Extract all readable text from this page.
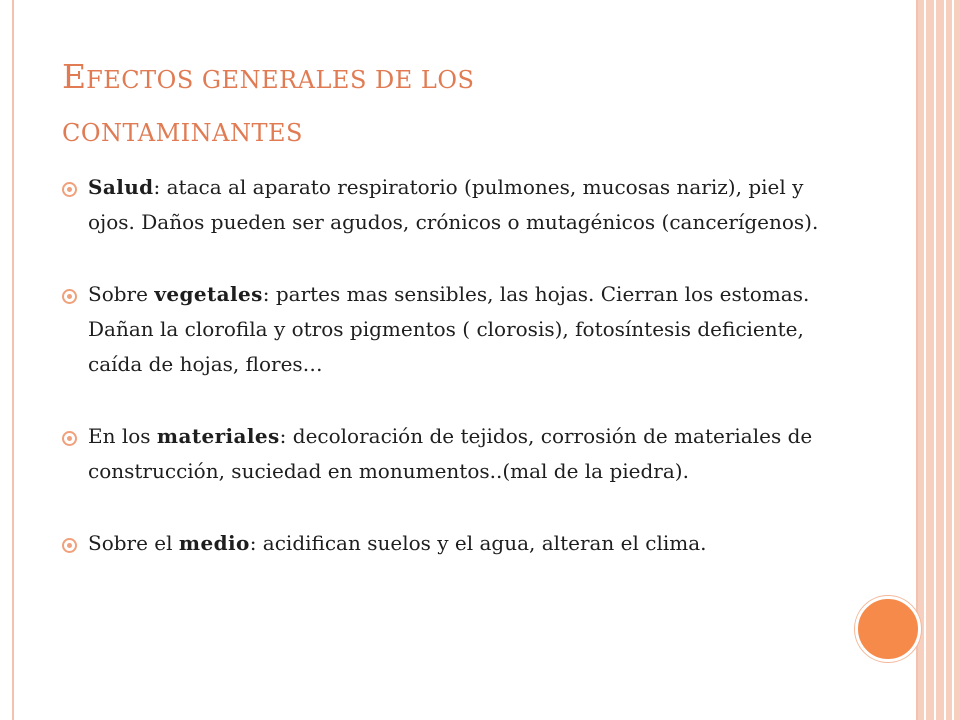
EFECTOS GENERALES DE LOS
CONTAMINANTES
Salud: ataca al aparato respiratorio (pulmones, mucosas nariz), piel y ojos. Daños pueden ser agudos, crónicos o mutagénicos (cancerígenos).
Sobre vegetales: partes mas sensibles, las hojas. Cierran los estomas. Dañan la clorofila y otros pigmentos ( clorosis), fotosíntesis deficiente, caída de hojas, flores…
En los materiales: decoloración de tejidos, corrosión de materiales de construcción, suciedad en monumentos..(mal de la piedra).
Sobre el medio: acidifican suelos y el agua, alteran el clima.
